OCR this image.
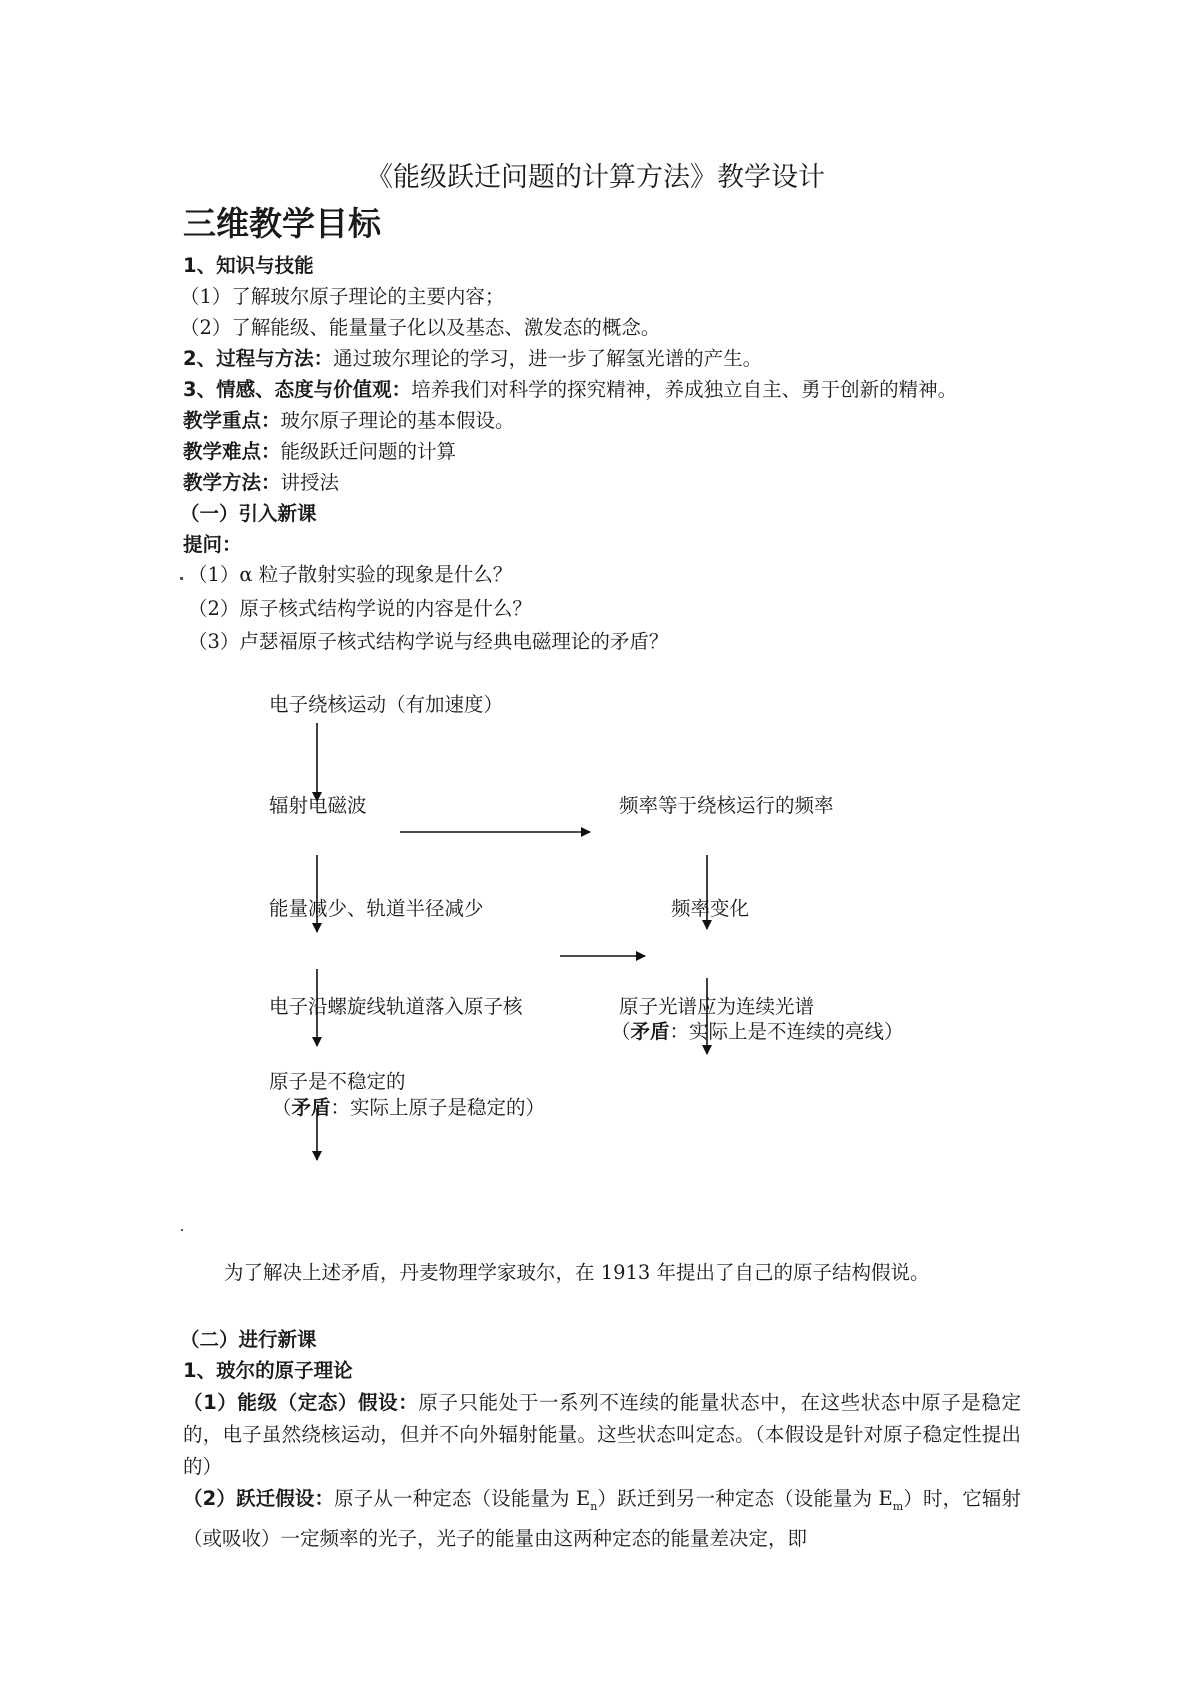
《能级跃迁问题的计算方法》教学设计
三维教学目标
1、知识与技能
（1）了解玻尔原子理论的主要内容；
（2）了解能级、能量量子化以及基态、激发态的概念。
2、过程与方法：通过玻尔理论的学习，进一步了解氢光谱的产生。
3、情感、态度与价值观：培养我们对科学的探究精神，养成独立自主、勇于创新的精神。
教学重点：玻尔原子理论的基本假设。
教学难点：能级跃迁问题的计算
教学方法：讲授法
（一）引入新课
提问：
（1）α 粒子散射实验的现象是什么？
（2）原子核式结构学说的内容是什么？
（3）卢瑟福原子核式结构学说与经典电磁理论的矛盾？
电子绕核运动（有加速度）
辐射电磁波	频率等于绕核运行的频率
能量减少、轨道半径减少	频率变化
电子沿螺旋线轨道落入原子核	原子光谱应为连续光谱
（矛盾：实际上是不连续的亮线）
原子是不稳定的
（矛盾：实际上原子是稳定的）
为了解决上述矛盾，丹麦物理学家玻尔，在 1913 年提出了自己的原子结构假说。
（二）进行新课
1、玻尔的原子理论
（1）能级（定态）假设：原子只能处于一系列不连续的能量状态中，在这些状态中原子是稳定的，电子虽然绕核运动，但并不向外辐射能量。这些状态叫定态。（本假设是针对原子稳定性提出的）
（2）跃迁假设：原子从一种定态（设能量为 $E_n$）跃迁到另一种定态（设能量为 $E_m$）时，它辐射（或吸收）一定频率的光子，光子的能量由这两种定态的能量差决定，即
